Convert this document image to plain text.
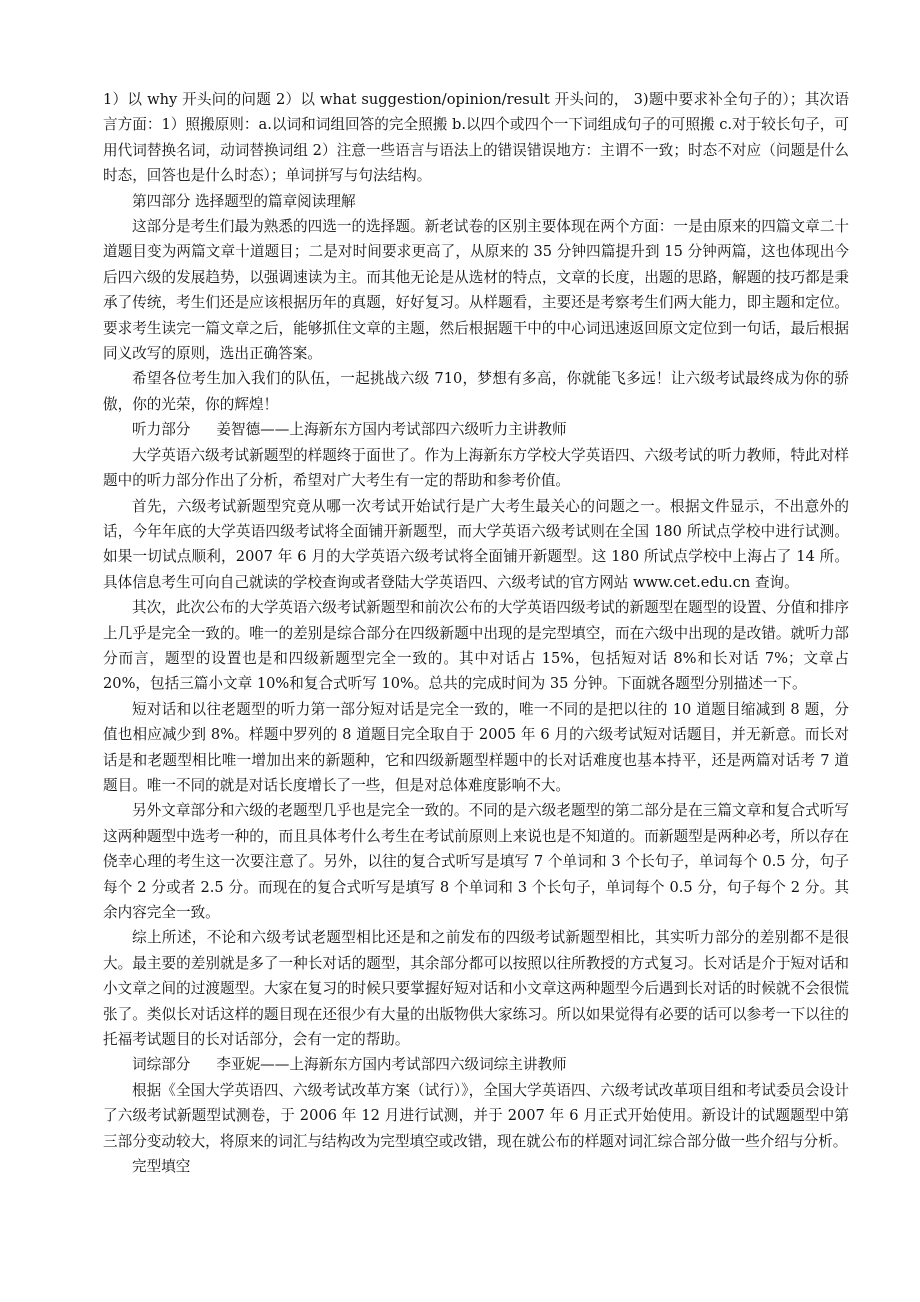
1）以 why 开头问的问题 2）以 what suggestion/opinion/result 开头问的， 3)题中要求补全句子的）；其次语言方面：1）照搬原则：a.以词和词组回答的完全照搬 b.以四个或四个一下词组成句子的可照搬 c.对于较长句子，可用代词替换名词，动词替换词组 2）注意一些语言与语法上的错误错误地方：主谓不一致；时态不对应（问题是什么时态，回答也是什么时态）；单词拼写与句法结构。

第四部分 选择题型的篇章阅读理解

这部分是考生们最为熟悉的四选一的选择题。新老试卷的区别主要体现在两个方面：一是由原来的四篇文章二十道题目变为两篇文章十道题目；二是对时间要求更高了，从原来的 35 分钟四篇提升到 15 分钟两篇，这也体现出今后四六级的发展趋势，以强调速读为主。而其他无论是从选材的特点，文章的长度，出题的思路，解题的技巧都是秉承了传统，考生们还是应该根据历年的真题，好好复习。从样题看，主要还是考察考生们两大能力，即主题和定位。要求考生读完一篇文章之后，能够抓住文章的主题，然后根据题干中的中心词迅速返回原文定位到一句话，最后根据同义改写的原则，选出正确答案。

希望各位考生加入我们的队伍，一起挑战六级 710，梦想有多高，你就能飞多远！让六级考试最终成为你的骄傲，你的光荣，你的辉煌！

听力部分 姜智德——上海新东方国内考试部四六级听力主讲教师

大学英语六级考试新题型的样题终于面世了。作为上海新东方学校大学英语四、六级考试的听力教师，特此对样题中的听力部分作出了分析，希望对广大考生有一定的帮助和参考价值。

首先，六级考试新题型究竟从哪一次考试开始试行是广大考生最关心的问题之一。根据文件显示，不出意外的话，今年年底的大学英语四级考试将全面铺开新题型，而大学英语六级考试则在全国 180 所试点学校中进行试测。如果一切试点顺利，2007 年 6 月的大学英语六级考试将全面铺开新题型。这 180 所试点学校中上海占了 14 所。具体信息考生可向自己就读的学校查询或者登陆大学英语四、六级考试的官方网站 www.cet.edu.cn 查询。

其次，此次公布的大学英语六级考试新题型和前次公布的大学英语四级考试的新题型在题型的设置、分值和排序上几乎是完全一致的。唯一的差别是综合部分在四级新题中出现的是完型填空，而在六级中出现的是改错。就听力部分而言，题型的设置也是和四级新题型完全一致的。其中对话占 15%，包括短对话 8%和长对话 7%；文章占 20%，包括三篇小文章 10%和复合式听写 10%。总共的完成时间为 35 分钟。下面就各题型分别描述一下。

短对话和以往老题型的听力第一部分短对话是完全一致的，唯一不同的是把以往的 10 道题目缩减到 8 题，分值也相应减少到 8%。样题中罗列的 8 道题目完全取自于 2005 年 6 月的六级考试短对话题目，并无新意。而长对话是和老题型相比唯一增加出来的新题种，它和四级新题型样题中的长对话难度也基本持平，还是两篇对话考 7 道题目。唯一不同的就是对话长度增长了一些，但是对总体难度影响不大。

另外文章部分和六级的老题型几乎也是完全一致的。不同的是六级老题型的第二部分是在三篇文章和复合式听写这两种题型中选考一种的，而且具体考什么考生在考试前原则上来说也是不知道的。而新题型是两种必考，所以存在侥幸心理的考生这一次要注意了。另外，以往的复合式听写是填写 7 个单词和 3 个长句子，单词每个 0.5 分，句子每个 2 分或者 2.5 分。而现在的复合式听写是填写 8 个单词和 3 个长句子，单词每个 0.5 分，句子每个 2 分。其余内容完全一致。

综上所述，不论和六级考试老题型相比还是和之前发布的四级考试新题型相比，其实听力部分的差别都不是很大。最主要的差别就是多了一种长对话的题型，其余部分都可以按照以往所教授的方式复习。长对话是介于短对话和小文章之间的过渡题型。大家在复习的时候只要掌握好短对话和小文章这两种题型今后遇到长对话的时候就不会很慌张了。类似长对话这样的题目现在还很少有大量的出版物供大家练习。所以如果觉得有必要的话可以参考一下以往的托福考试题目的长对话部分，会有一定的帮助。

词综部分 李亚妮——上海新东方国内考试部四六级词综主讲教师

根据《全国大学英语四、六级考试改革方案（试行）》，全国大学英语四、六级考试改革项目组和考试委员会设计了六级考试新题型试测卷，于 2006 年 12 月进行试测，并于 2007 年 6 月正式开始使用。新设计的试题题型中第三部分变动较大，将原来的词汇与结构改为完型填空或改错，现在就公布的样题对词汇综合部分做一些介绍与分析。

完型填空
